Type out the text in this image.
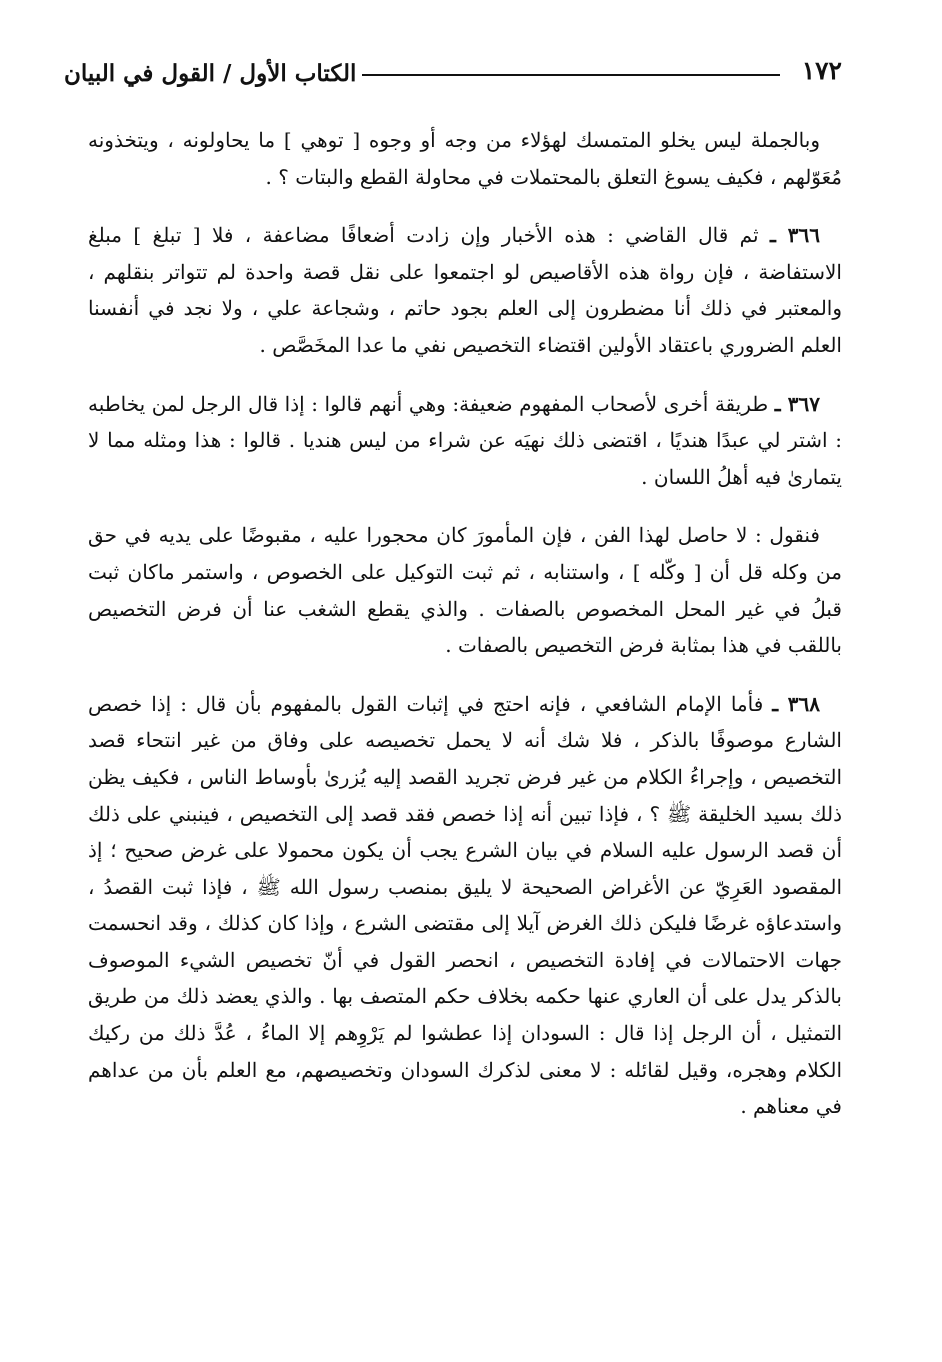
الكتاب الأول / القول في البيان	١٧٢

وبالجملة ليس يخلو المتمسك لهؤلاء من وجه أو وجوه [ توهي ] ما يحاولونه ، ويتخذونه مُعَوّلهم ، فكيف يسوغ التعلق بالمحتملات في محاولة القطع والبتات ؟ .

٣٦٦ ـ ثم قال القاضي : هذه الأخبار وإن زادت أضعافًا مضاعفة ، فلا [ تبلغ ] مبلغ الاستفاضة ، فإن رواة هذه الأقاصيص لو اجتمعوا على نقل قصة واحدة لم تتواتر بنقلهم ، والمعتبر في ذلك أنا مضطرون إلى العلم بجود حاتم ، وشجاعة علي ، ولا نجد في أنفسنا العلم الضروري باعتقاد الأولين اقتضاء التخصيص نفي ما عدا المخَصَّص .

٣٦٧ ـ طريقة أخرى لأصحاب المفهوم ضعيفة: وهي أنهم قالوا : إذا قال الرجل لمن يخاطبه : اشتر لي عبدًا هنديًا ، اقتضى ذلك نهيَه عن شراء من ليس هنديا . قالوا : هذا ومثله مما لا يتمارىٰ فيه أهلُ اللسان .

فنقول : لا حاصل لهذا الفن ، فإن المأمورَ كان محجورا عليه ، مقبوضًا على يديه في حق من وكله قل أن [ وكّله ] ، واستنابه ، ثم ثبت التوكيل على الخصوص ، واستمر ماكان ثبت قبلُ في غير المحل المخصوص بالصفات . والذي يقطع الشغب عنا أن فرض التخصيص باللقب في هذا بمثابة فرض التخصيص بالصفات .

٣٦٨ ـ فأما الإمام الشافعي ، فإنه احتج في إثبات القول بالمفهوم بأن قال : إذا خصص الشارع موصوفًا بالذكر ، فلا شك أنه لا يحمل تخصيصه على وفاق من غير انتحاء قصد التخصيص ، وإجراءُ الكلام من غير فرض تجريد القصد إليه يُزرىٰ بأوساط الناس ، فكيف يظن ذلك بسيد الخليقة ﷺ ؟ ، فإذا تبين أنه إذا خصص فقد قصد إلى التخصيص ، فينبني على ذلك أن قصد الرسول عليه السلام في بيان الشرع يجب أن يكون محمولا على غرض صحيح ؛ إذ المقصود العَرِيّ عن الأغراض الصحيحة لا يليق بمنصب رسول الله ﷺ ، فإذا ثبت القصدُ ، واستدعاؤه غرضًا فليكن ذلك الغرض آيلا إلى مقتضى الشرع ، وإذا كان كذلك ، وقد انحسمت جهات الاحتمالات في إفادة التخصيص ، انحصر القول في أنّ تخصيص الشيء الموصوف بالذكر يدل على أن العاري عنها حكمه بخلاف حكم المتصف بها . والذي يعضد ذلك من طريق التمثيل ، أن الرجل إذا قال : السودان إذا عطشوا لم يَرْوِهم إلا الماءُ ، عُدَّ ذلك من ركيك الكلام وهجره، وقيل لقائله : لا معنى لذكرك السودان وتخصيصهم، مع العلم بأن من عداهم في معناهم .
